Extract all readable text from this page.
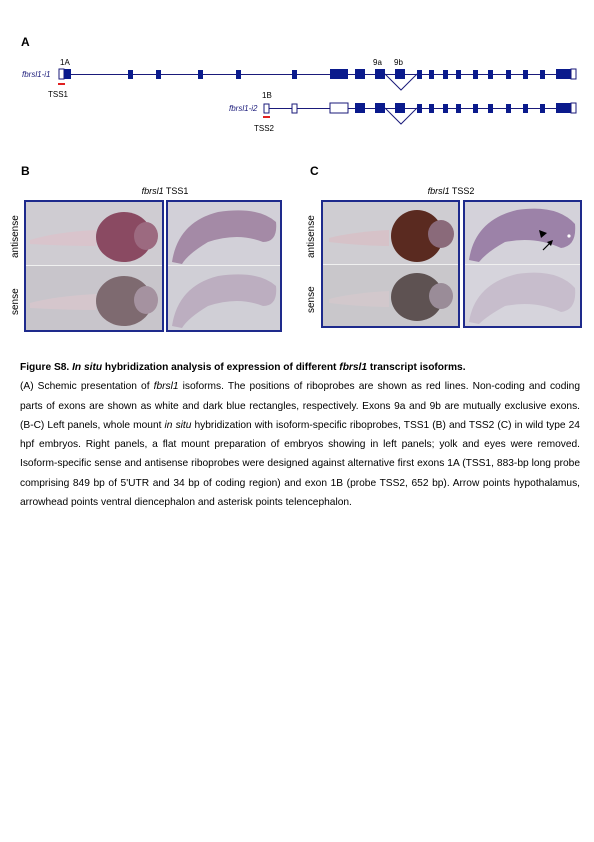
A
1A	9a 9b
fbrsl1-i1
TSS1	1B
fbrsl1-i2
TSS2
B
fbrsl1 TSS1
antisense
sense
C
fbrsl1 TSS2
antisense
sense

Figure S8. In situ hybridization analysis of expression of different fbrsl1 transcript isoforms.

(A) Schemic presentation of fbrsl1 isoforms. The positions of riboprobes are shown as red lines. Non-coding and coding parts of exons are shown as white and dark blue rectangles, respectively. Exons 9a and 9b are mutually exclusive exons. (B-C) Left panels, whole mount in situ hybridization with isoform-specific riboprobes, TSS1 (B) and TSS2 (C) in wild type 24 hpf embryos. Right panels, a flat mount preparation of embryos showing in left panels; yolk and eyes were removed. Isoform-specific sense and antisense riboprobes were designed against alternative first exons 1A (TSS1, 883-bp long probe comprising 849 bp of 5'UTR and 34 bp of coding region) and exon 1B (probe TSS2, 652 bp). Arrow points hypothalamus, arrowhead points ventral diencephalon and asterisk points telencephalon.
